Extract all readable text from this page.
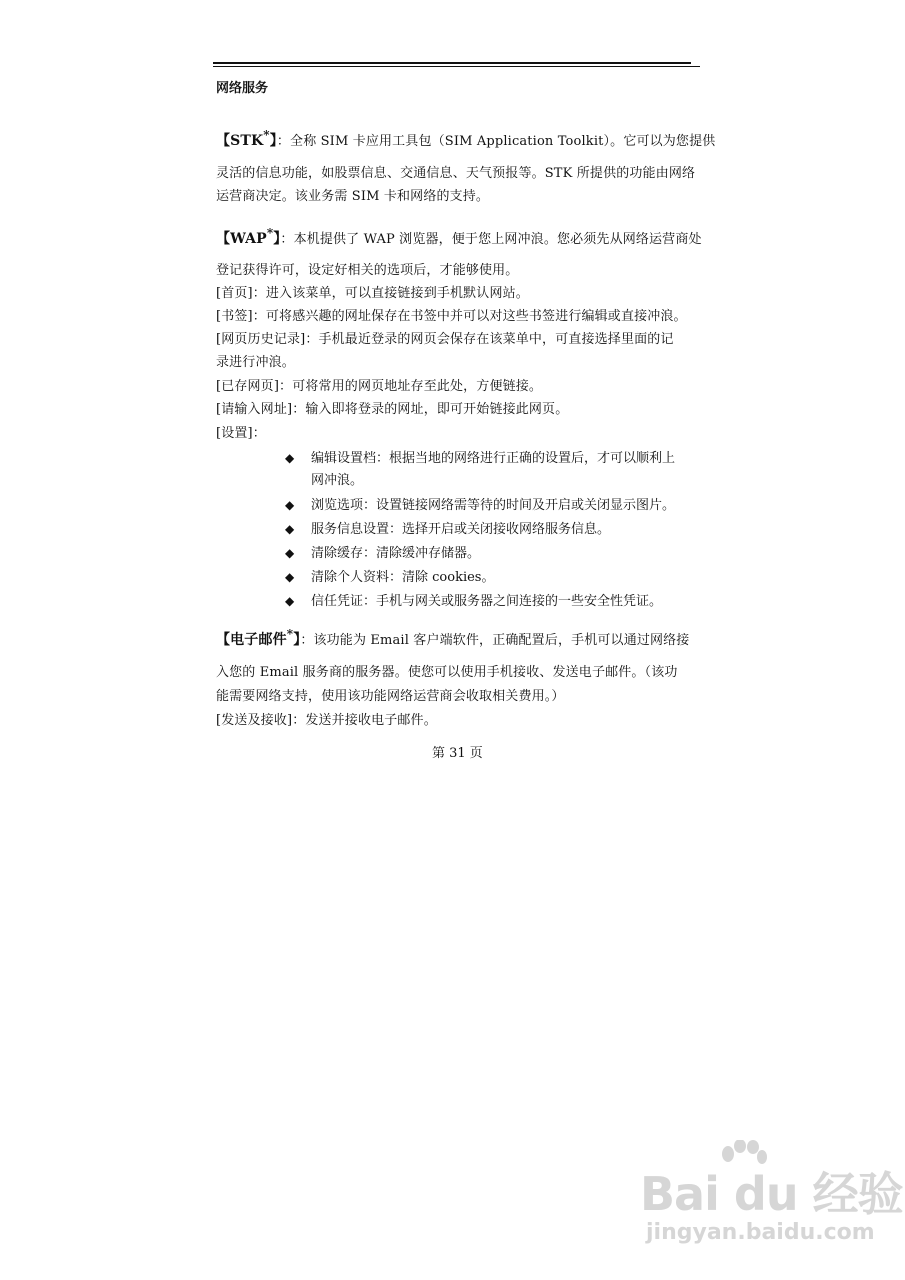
网络服务
【STK*】：全称 SIM 卡应用工具包（SIM Application Toolkit）。它可以为您提供
灵活的信息功能，如股票信息、交通信息、天气预报等。STK 所提供的功能由网络
运营商决定。该业务需 SIM 卡和网络的支持。
【WAP*】：本机提供了 WAP 浏览器，便于您上网冲浪。您必须先从网络运营商处
登记获得许可，设定好相关的选项后，才能够使用。
[首页]：进入该菜单，可以直接链接到手机默认网站。
[书签]：可将感兴趣的网址保存在书签中并可以对这些书签进行编辑或直接冲浪。
[网页历史记录]：手机最近登录的网页会保存在该菜单中，可直接选择里面的记
录进行冲浪。
[已存网页]：可将常用的网页地址存至此处，方便链接。
[请输入网址]：输入即将登录的网址，即可开始链接此网页。
[设置]：
◆ 编辑设置档：根据当地的网络进行正确的设置后，才可以顺利上
网冲浪。
◆ 浏览选项：设置链接网络需等待的时间及开启或关闭显示图片。
◆ 服务信息设置：选择开启或关闭接收网络服务信息。
◆ 清除缓存：清除缓冲存储器。
◆ 清除个人资料：清除 cookies。
◆ 信任凭证：手机与网关或服务器之间连接的一些安全性凭证。
【电子邮件*】：该功能为 Email 客户端软件，正确配置后，手机可以通过网络接
入您的 Email 服务商的服务器。使您可以使用手机接收、发送电子邮件。（该功
能需要网络支持，使用该功能网络运营商会收取相关费用。）
[发送及接收]：发送并接收电子邮件。
第 31 页
Bai du 经验
jingyan.baidu.com
